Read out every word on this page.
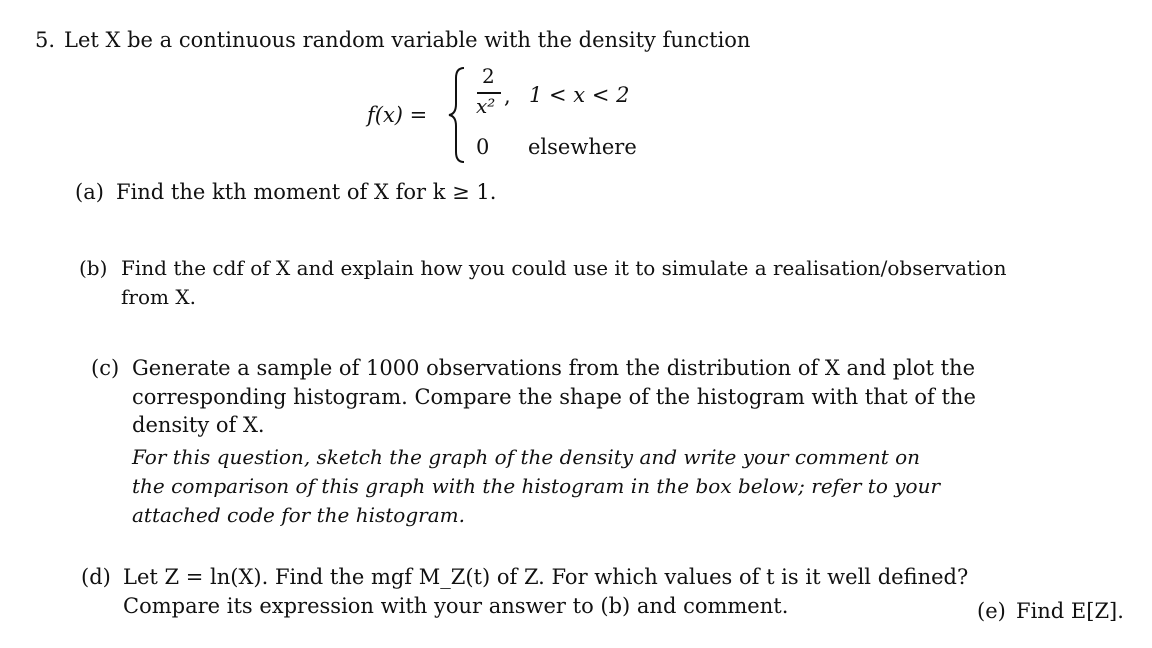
5. Let X be a continuous random variable with the density function
f(x) =
2
x² , 1 < x < 2
0 elsewhere
(a) Find the kth moment of X for k ≥ 1.
(b) Find the cdf of X and explain how you could use it to simulate a realisation/observation
from X.
(c) Generate a sample of 1000 observations from the distribution of X and plot the
corresponding histogram. Compare the shape of the histogram with that of the
density of X.
For this question, sketch the graph of the density and write your comment on
the comparison of this graph with the histogram in the box below; refer to your
attached code for the histogram.
(d) Let Z = ln(X). Find the mgf M_Z(t) of Z. For which values of t is it well defined?
Compare its expression with your answer to (b) and comment.	(e) Find E[Z].
